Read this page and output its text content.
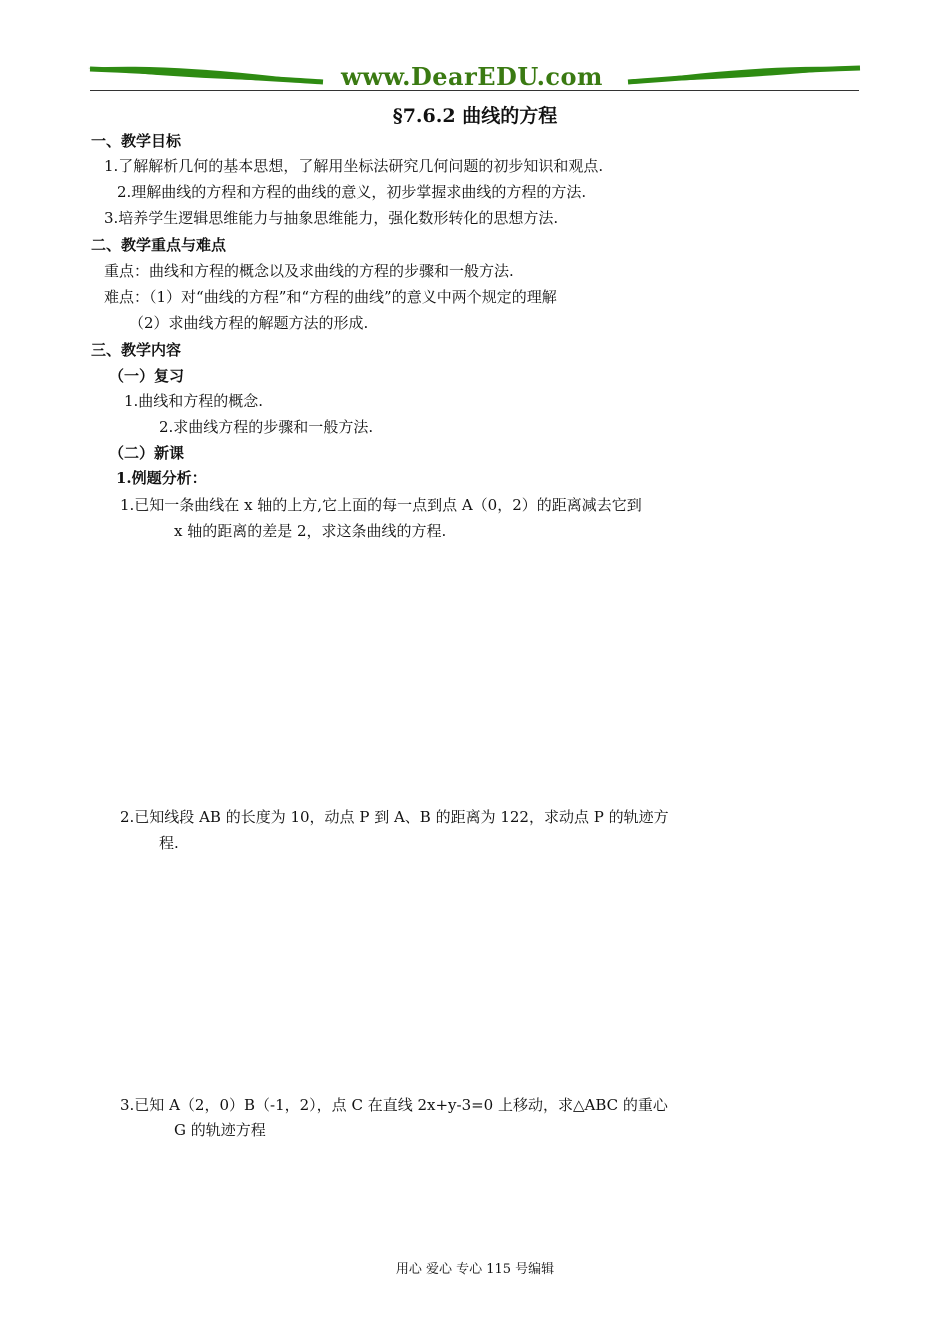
www.DearEDU.com
§7.6.2 曲线的方程
一、教学目标
1.了解解析几何的基本思想，了解用坐标法研究几何问题的初步知识和观点.
2.理解曲线的方程和方程的曲线的意义，初步掌握求曲线的方程的方法.
3.培养学生逻辑思维能力与抽象思维能力，强化数形转化的思想方法.
二、教学重点与难点
重点：曲线和方程的概念以及求曲线的方程的步骤和一般方法.
难点：（1）对“曲线的方程”和“方程的曲线”的意义中两个规定的理解
（2）求曲线方程的解题方法的形成.
三、教学内容
（一）复习
1.曲线和方程的概念.
2.求曲线方程的步骤和一般方法.
（二）新课
1.例题分析：
1.已知一条曲线在 x 轴的上方,它上面的每一点到点 A（0，2）的距离减去它到
x 轴的距离的差是 2，求这条曲线的方程.
2.已知线段 AB 的长度为 10，动点 P 到 A、B 的距离为 122，求动点 P 的轨迹方
程.
3.已知 A（2，0）B（-1，2），点 C 在直线 2x+y-3=0 上移动，求△ABC 的重心
G 的轨迹方程
用心 爱心 专心 115 号编辑
